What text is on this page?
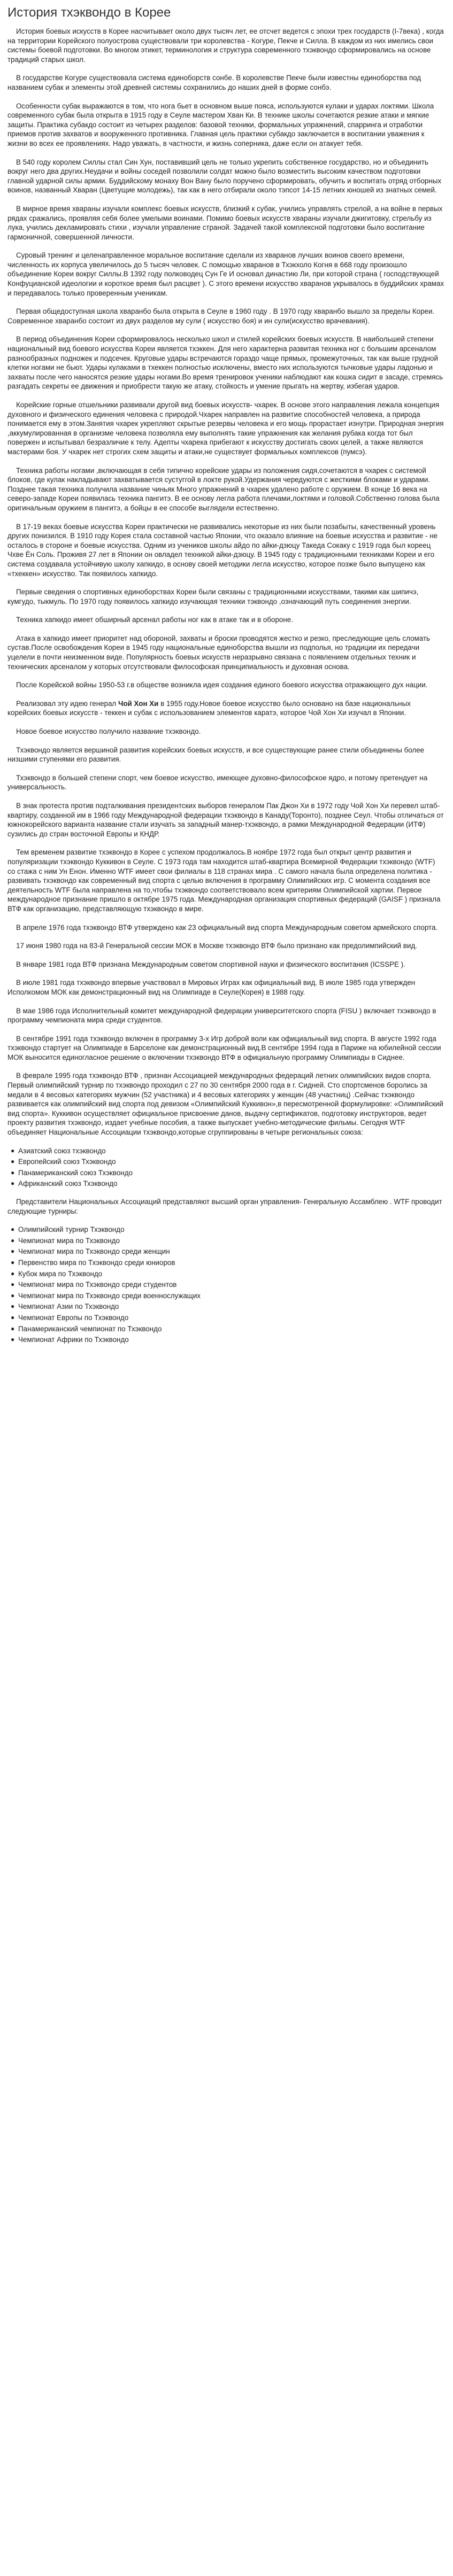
История тхэквондо в Корее

История боевых искусств в Корее насчитывает около двух тысяч лет, ее отсчет ведется с эпохи трех государств (I-7века) , когда на территории Корейского полуострова существовали три королевства - Когуре, Пекче и Силла. В каждом из них имелись свои системы боевой подготовки. Во многом этикет, терминология и структура современного тхэквондо сформировались на основе традиций старых школ.

В государстве Когуре существовала система единоборств сонбе. В королевстве Пекче были известны единоборства под названием субак и элементы этой древней системы сохранились до наших дней в форме сонбэ.

Особенности субак выражаются в том, что нога бьет в основном выше пояса, используются кулаки и ударах локтями. Школа современного субак была открыта в 1915 году в Сеуле мастером Хван Ки. В технике школы сочетаются резкие атаки и мягкие защиты. Практика субакдо состоит из четырех разделов: базовой техники, формальных упражнений, спарринга и отработки приемов против захватов и вооруженного противника. Главная цель практики субакдо заключается в воспитании уважения к жизни во всех ее проявлениях. Надо уважать, в частности, и жизнь соперника, даже если он атакует тебя.

В 540 году королем Силлы стал Син Хун, поставивший цель не только укрепить собственное государство, но и объединить вокруг него два других.Неудачи и войны соседей позволили солдат можно было возместить высоким качеством подготовки главной ударной силы армии. Буддийскому монаху Вон Вану было поручено сформировать, обучить и воспитать отряд отборных воинов, названный Хваран (Цветущие молодежь), так как в него отбирали около тэпсот 14-15 летних юношей из знатных семей.

В мирное время хвараны изучали комплекс боевых искусств, близкий к субак, учились управлять стрелой, а на войне в первых рядах сражались, проявляя себя более умелыми воинами. Помимо боевых искусств хвараны изучали джигитовку, стрельбу из лука, учились декламировать стихи , изучали управление страной. Задачей такой комплексной подготовки было воспитание гармоничной, совершенной личности.

Суровый тренинг и целенаправленное моральное воспитание сделали из хваранов лучших воинов своего времени, численность их корпуса увеличилось до 5 тысяч человек. С помощью хваранов в Тхэкхоло Когня в 668 году произошло объединение Кореи вокруг Силлы.В 1392 году полководец Сун Ге И основал династию Ли, при которой страна ( господствующей Конфуцианской идеологии и короткое время был расцвет ). С этого времени искусство хваранов укрывалось в буддийских храмах и передавалось только проверенным ученикам.

Первая общедоступная школа хваранбо была открыта в Сеуле в 1960 году . В 1970 году хваранбо вышло за пределы Кореи. Современное хваранбо состоит из двух разделов му сули ( искусство боя) и ин сули(искусство врачевания).

В период объединения Кореи сформировалось несколько школ и стилей корейских боевых искусств. В наибольшей степени национальный вид боевого искусства Кореи является тхэккен. Для него характерна развитая техника ног с большим арсеналом разнообразных подножек и подсечек. Круговые удары встречаются гораздо чаще прямых, промежуточных, так как выше грудной клетки ногами не бьют. Удары кулаками в тхеккен полностью исключены, вместо них используются тычковые удары ладонью и захваты после чего наносятся резкие удары ногами.Во время тренировок ученики наблюдают как кошка сидит в засаде, стремясь разгадать секреты ее движения и приобрести такую же атаку, стойкость и умение прыгать на жертву, избегая ударов.

Корейские горные отшельники развивали другой вид боевых искусств- чхарек. В основе этого направления лежала концепция духовного и физического единения человека с природой.Чхарек направлен на развитие способностей человека, а природа понимается ему в этом.Занятия чхарек укрепляют скрытые резервы человека и его мощь прорастает изнутри. Природная энергия ,аккумулированная в организме человека позволяла ему выполнять такие упражнения как желания рубака когда тот был повержен и испытывал безразличие к телу. Адепты чхарека прибегают к искусству достигать своих целей, а также являются мастерами боя. У чхарек нет строгих схем защиты и атаки,не существует формальных комплексов (пумсэ).

Техника работы ногами ,включающая в себя типично корейские удары из положения сидя,сочетаются в чхарек с системой блоков, где кулак накладывают захватывается сустуггой в локте рукой.Удержания чередуются с жесткими блоками и ударами. Позднее такая техника получила название чиньяк Много упражнений в чхарек удалено работе с оружием. В конце 16 века на северо-западе Кореи появилась техника пангитэ. В ее основу легла работа плечами,локтями и головой.Собственно голова была оригинальным оружием в пангитэ, а бойцы в ее способе выглядели естественно.

В 17-19 веках боевые искусства Кореи практически не развивались некоторые из них были позабыты, качественный уровень других понизился. В 1910 году Корея стала составной частью Японии, что оказало влияние на боевые искусства и развитие - не осталось в стороне и боевые искусства. Одним из учеников школы айдо по айки-дзюцу Такеда Сокаку с 1919 года был кореец Чхве Ён Соль. Проживя 27 лет в Японии он овладел техникой айки-дзюцу. В 1945 году с традиционными техниками Кореи и его система создавала устойчивую школу хапкидо, в основу своей методики легла искусство, которое позже было выпущено как «тхеккен» искусство. Так появилось хапкидо.

Первые сведения о спортивных единоборствах Кореи были связаны с традиционными искусствами, такими как шипичэ, кумгудо, тыкмуль. По 1970 году появилось хапкидо изучающая техники тэквондо ,означающий путь соединения энергии.

Техника хапкидо имеет обширный арсенал работы ног как в атаке так и в обороне.

Атака в хапкидо имеет приоритет над обороной, захваты и броски проводятся жестко и резко, преследующие цель сломать сустав.После освобождения Кореи в 1945 году национальные единоборства вышли из подполья, но традиции их передачи уцелели в почти неизменном виде. Популярность боевых искусств неразрывно связана с появлением отдельных техник и технических арсеналом у которых отсутствовали философская принципиальность и духовная основа.

После Корейской войны 1950-53 г.в обществе возникла идея создания единого боевого искусства отражающего дух нации.

Реализовал эту идею генерал Чой Хон Хи в 1955 году.Новое боевое искусство было основано на базе национальных корейских боевых искусств - теккен и субак с использованием элементов каратэ, которое Чой Хон Хи изучал в Японии.

Новое боевое искусство получило название тхэквондо.

Тхэквондо является вершиной развития корейских боевых искусств, и все существующие ранее стили объединены более низшими ступенями его развития.

Тхэквондо в большей степени спорт, чем боевое искусство, имеющее духовно-философское ядро, и потому претендует на универсальность.

В знак протеста против подталкивания президентских выборов генералом Пак Джон Хи в 1972 году Чой Хон Хи перевел штаб-квартиру, созданной им в 1966 году Международной федерации тхэквондо в Канаду(Торонто), позднее Сеул. Чтобы отличаться от южнокорейского варианта название стали изучать за западный манер-тхэквондо, а рамки Международной Федерации (ИТФ) сузились до стран восточной Европы и КНДР.

Тем временем развитие тхэквондо в Корее с успехом продолжалось.В ноябре 1972 года был открыт центр развития и популяризации тхэквондо Куккивон в Сеуле. С 1973 года там находится штаб-квартира Всемирной Федерации тхэквондо (WTF) со стажа с ним Ун Енон. Именно WTF имеет свои филиалы в 118 странах мира . С самого начала была определена политика - развивать тхэквондо как современный вид спорта с целью включения в программу Олимпийских игр. С момента создания все деятельность WTF была направлена на то,чтобы тхэквондо соответствовало всем критериям Олимпийской хартии. Первое международное признание пришло в октябре 1975 года. Международная организация спортивных федераций (GAISF ) признала ВТФ как организацию, представляющую тхэквондо в мире.

В апреле 1976 года тхэквондо ВТФ утверждено как 23 официальный вид спорта Международным советом армейского спорта.

17 июня 1980 года на 83-й Генеральной сессии МОК в Москве тхэквондо ВТФ было признано как предолимпийский вид.

В январе 1981 года ВТФ признана Международным советом спортивной науки и физического воспитания (ICSSPE ).

В июле 1981 года тхэквондо впервые участвовал в Мировых Играх как официальный вид. В июле 1985 года утвержден Исполкомом МОК как демонстрационный вид на Олимпиаде в Сеуле(Корея) в 1988 году.

В мае 1986 года Исполнительный комитет международной федерации университетского спорта (FISU ) включает тхэквондо в программу чемпионата мира среди студентов.

В сентябре 1991 года тхэквондо включен в программу 3-х Игр доброй воли как официальный вид спорта. В августе 1992 года тхэквондо стартует на Олимпиаде в Барселоне как демонстрационный вид.В сентябре 1994 года в Париже на юбилейной сессии МОК выносится единогласное решение о включении тхэквондо ВТФ в официальную программу Олимпиады в Сиднее.

В феврале 1995 года тхэквондо ВТФ , признан Ассоциацией международных федераций летних олимпийских видов спорта. Первый олимпийский турнир по тхэквондо проходил с 27 по 30 сентября 2000 года в г. Сидней. Сто спортсменов боролись за медали в 4 весовых категориях мужчин (52 участника) и 4 весовых категориях у женщин (48 участниц) .Сейчас тхэквондо развивается как олимпийский вид спорта под девизом «Олимпийский Куккивон»,в пересмотренной формулировке: «Олимпийский вид спорта». Куккивон осуществляет официальное присвоение данов, выдачу сертификатов, подготовку инструкторов, ведет проекту развития тхэквондо, издает учебные пособия, а также выпускает учебно-методические фильмы. Сегодня WTF объединяет Национальные Ассоциации тхэквондо,которые сгруппированы в четыре региональных союза:

● Азиатский союз тхэквондо
● Европейский союз Тхэквондо
● Панамериканский союз Тхэквондо
● Африканский союз Тхэквондо

Представители Национальных Ассоциаций представляют высший орган управления- Генеральную Ассамблею . WTF проводит следующие турниры:

● Олимпийский турнир Тхэквондо
● Чемпионат мира по Тхэквондо
● Чемпионат мира по Тхэквондо среди женщин
● Первенство мира по Тхэквондо среди юниоров
● Кубок мира по Тхэквондо
● Чемпионат мира по Тхэквондо среди студентов
● Чемпионат мира по Тхэквондо среди военнослужащих
● Чемпионат Азии по Тхэквондо
● Чемпионат Европы по Тхэквондо
● Панамериканский чемпионат по Тхэквондо
● Чемпионат Африки по Тхэквондо
